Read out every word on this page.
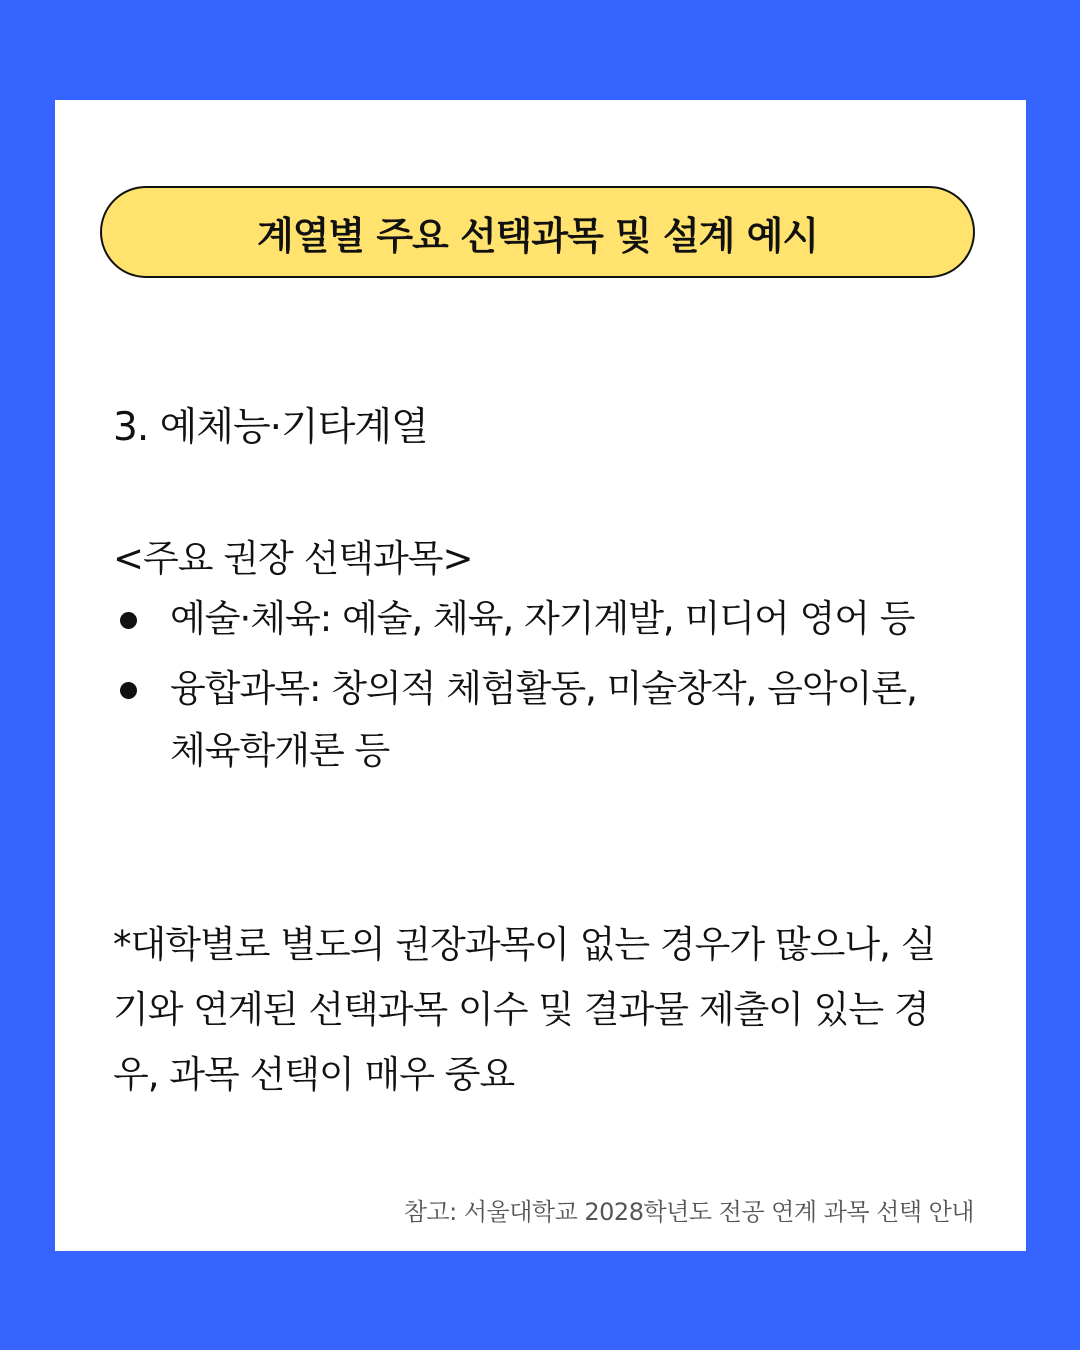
계열별 주요 선택과목 및 설계 예시
3. 예체능·기타계열
<주요 권장 선택과목>
예술·체육: 예술, 체육, 자기계발, 미디어 영어 등
융합과목: 창의적 체험활동, 미술창작, 음악이론, 체육학개론 등
*대학별로 별도의 권장과목이 없는 경우가 많으나, 실기와 연계된 선택과목 이수 및 결과물 제출이 있는 경우, 과목 선택이 매우 중요
참고: 서울대학교 2028학년도 전공 연계 과목 선택 안내
